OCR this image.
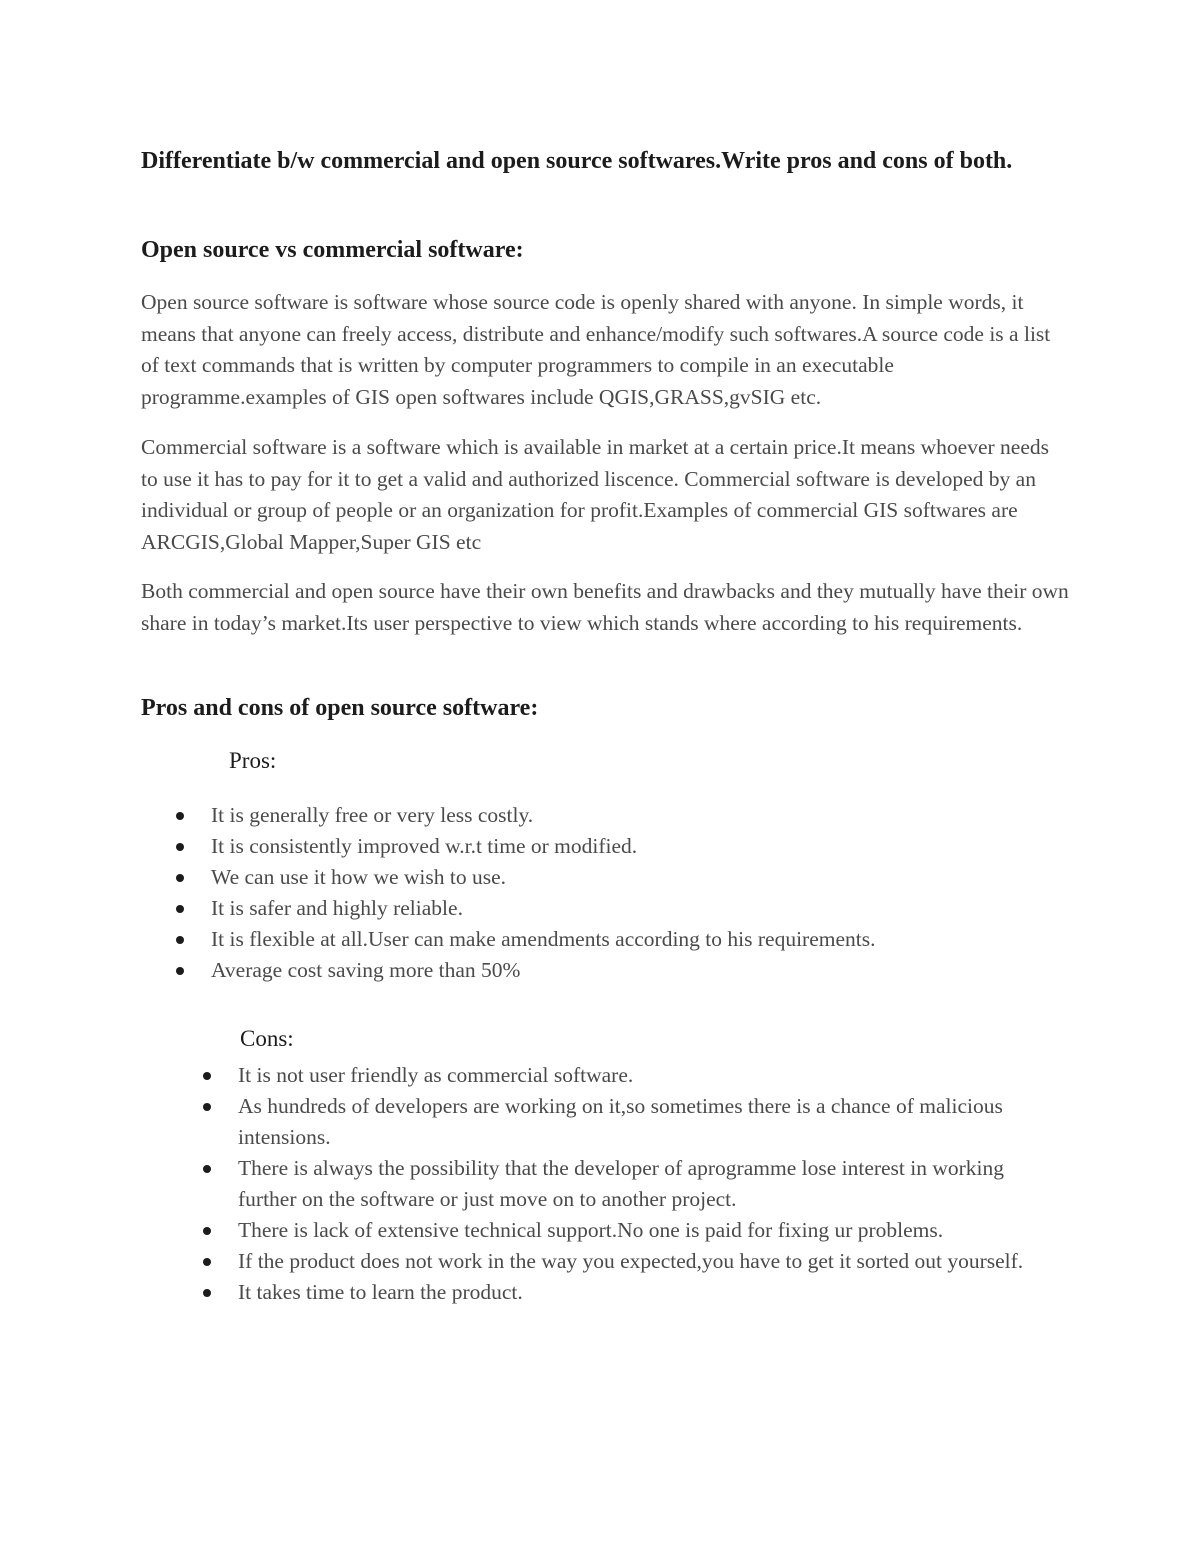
Differentiate b/w commercial and open source softwares.Write pros and cons of both.
Open source vs commercial software:

Open source software is software whose source code is openly shared with anyone. In simple words, it means that anyone can freely access, distribute and enhance/modify such softwares.A source code is a list of text commands that is written by computer programmers to compile in an executable programme.examples of GIS open softwares include QGIS,GRASS,gvSIG etc.

Commercial software is a software which is available in market at a certain price.It means whoever needs to use it has to pay for it to get a valid and authorized liscence. Commercial software is developed by an individual or group of people or an organization for profit.Examples of commercial GIS softwares are ARCGIS,Global Mapper,Super GIS etc

Both commercial and open source have their own benefits and drawbacks and they mutually have their own share in today’s market.Its user perspective to view which stands where according to his requirements.

Pros and cons of open source software:
Pros:
It is generally free or very less costly.
It is consistently improved w.r.t time or modified.
We can use it how we wish to use.
It is safer and highly reliable.
It is flexible at all.User can make amendments according to his requirements.
Average cost saving more than 50%
Cons:
It is not user friendly as commercial software.
As hundreds of developers are working on it,so sometimes there is a chance of malicious intensions.
There is always the possibility that the developer of aprogramme lose interest in working further on the software or just move on to another project.
There is lack of extensive technical support.No one is paid for fixing ur problems.
If the product does not work in the way you expected,you have to get it sorted out yourself.
It takes time to learn the product.
